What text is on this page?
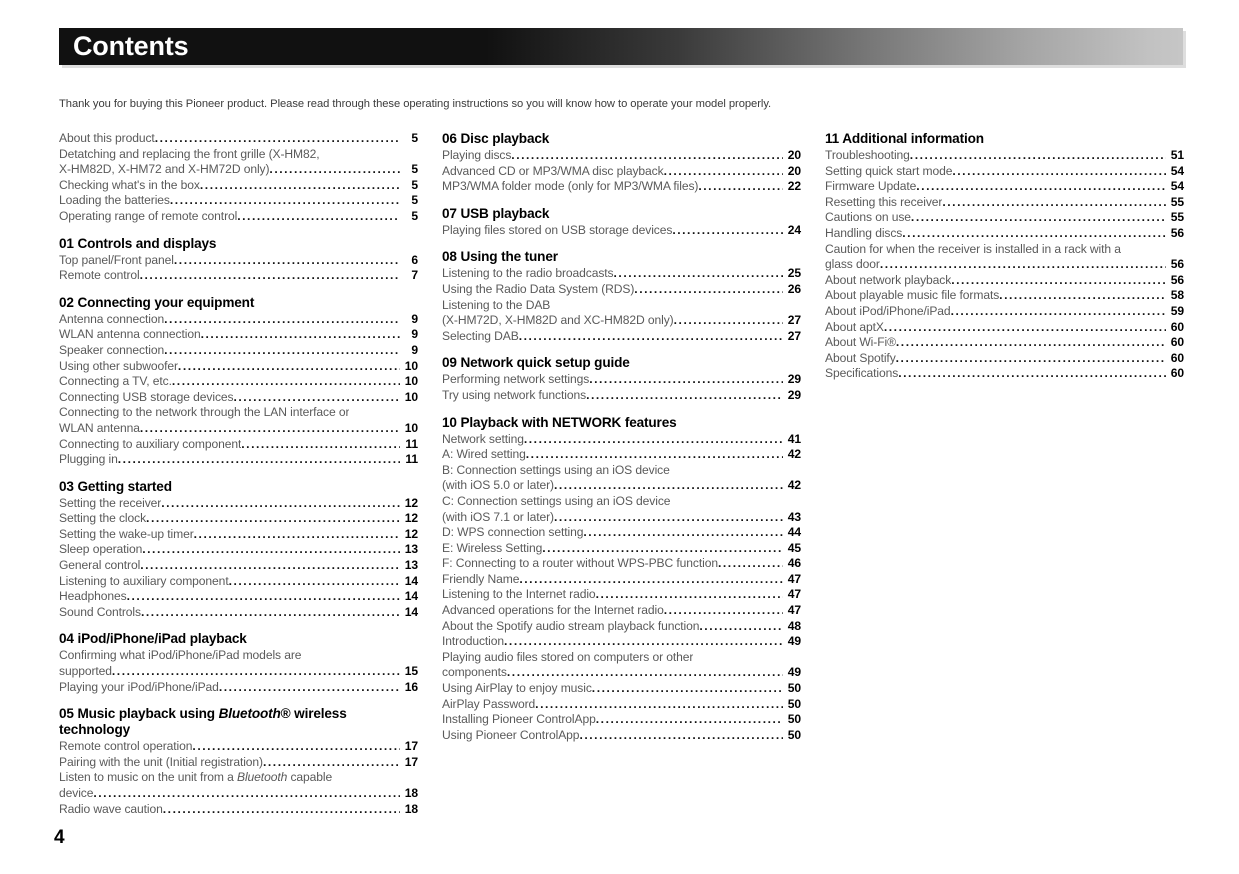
Contents
Thank you for buying this Pioneer product. Please read through these operating instructions so you will know how to operate your model properly.
About this product .....	5
Detatching and replacing the front grille (X-HM82,
X-HM82D, X-HM72 and X-HM72D only) .....	5
Checking what's in the box .....	5
Loading the batteries .....	5
Operating range of remote control .....	5
01 Controls and displays
Top panel/Front panel .....	6
Remote control .....	7
02 Connecting your equipment
Antenna connection .....	9
WLAN antenna connection .....	9
Speaker connection .....	9
Using other subwoofer .....	10
Connecting a TV, etc. .....	10
Connecting USB storage devices .....	10
Connecting to the network through the LAN interface or
WLAN antenna .....	10
Connecting to auxiliary component .....	11
Plugging in .....	11
03 Getting started
Setting the receiver .....	12
Setting the clock .....	12
Setting the wake-up timer .....	12
Sleep operation .....	13
General control .....	13
Listening to auxiliary component .....	14
Headphones .....	14
Sound Controls .....	14
04 iPod/iPhone/iPad playback
Confirming what iPod/iPhone/iPad models are
supported .....	15
Playing your iPod/iPhone/iPad .....	16
05 Music playback using Bluetooth® wireless technology
Remote control operation .....	17
Pairing with the unit (Initial registration) .....	17
Listen to music on the unit from a Bluetooth capable
device .....	18
Radio wave caution .....	18
06 Disc playback
Playing discs .....	20
Advanced CD or MP3/WMA disc playback .....	20
MP3/WMA folder mode (only for MP3/WMA files) .....	22
07 USB playback
Playing files stored on USB storage devices .....	24
08 Using the tuner
Listening to the radio broadcasts .....	25
Using the Radio Data System (RDS) .....	26
Listening to the DAB
(X-HM72D, X-HM82D and XC-HM82D only) .....	27
Selecting DAB .....	27
09 Network quick setup guide
Performing network settings .....	29
Try using network functions .....	29
10 Playback with NETWORK features
Network setting .....	41
A: Wired setting .....	42
B: Connection settings using an iOS device
(with iOS 5.0 or later) .....	42
C: Connection settings using an iOS device
(with iOS 7.1 or later) .....	43
D: WPS connection setting .....	44
E: Wireless Setting .....	45
F: Connecting to a router without WPS-PBC function .....	46
Friendly Name .....	47
Listening to the Internet radio .....	47
Advanced operations for the Internet radio .....	47
About the Spotify audio stream playback function .....	48
Introduction .....	49
Playing audio files stored on computers or other
components .....	49
Using AirPlay to enjoy music .....	50
AirPlay Password .....	50
Installing Pioneer ControlApp .....	50
Using Pioneer ControlApp .....	50
11 Additional information
Troubleshooting .....	51
Setting quick start mode .....	54
Firmware Update .....	54
Resetting this receiver .....	55
Cautions on use .....	55
Handling discs .....	56
Caution for when the receiver is installed in a rack with a
glass door .....	56
About network playback .....	56
About playable music file formats .....	58
About iPod/iPhone/iPad .....	59
About aptX .....	60
About Wi-Fi® .....	60
About Spotify .....	60
Specifications .....	60
4
